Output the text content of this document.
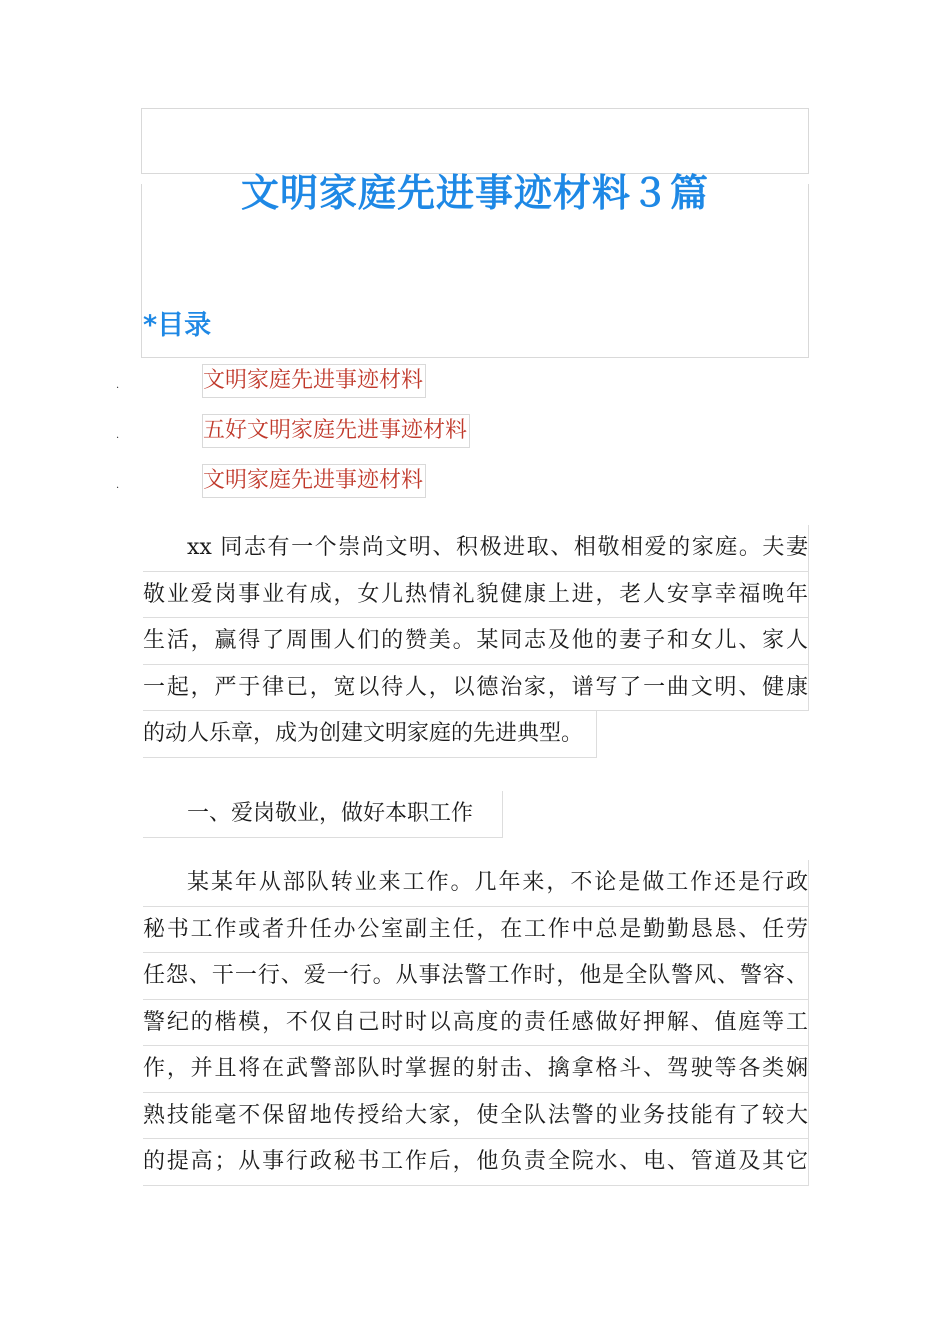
文明家庭先进事迹材料３篇
*目录
·	文明家庭先进事迹材料
·	五好文明家庭先进事迹材料
·	文明家庭先进事迹材料
xx 同志有一个崇尚文明、积极进取、相敬相爱的家庭。夫妻
敬业爱岗事业有成，女儿热情礼貌健康上进，老人安享幸福晚年
生活，赢得了周围人们的赞美。某同志及他的妻子和女儿、家人
一起，严于律已，宽以待人，以德治家，谱写了一曲文明、健康
的动人乐章，成为创建文明家庭的先进典型。
一、爱岗敬业，做好本职工作
某某年从部队转业来工作。几年来，不论是做工作还是行政
秘书工作或者升任办公室副主任，在工作中总是勤勤恳恳、任劳
任怨、干一行、爱一行。从事法警工作时，他是全队警风、警容、
警纪的楷模，不仅自己时时以高度的责任感做好押解、值庭等工
作，并且将在武警部队时掌握的射击、擒拿格斗、驾驶等各类娴
熟技能毫不保留地传授给大家，使全队法警的业务技能有了较大
的提高；从事行政秘书工作后，他负责全院水、电、管道及其它
